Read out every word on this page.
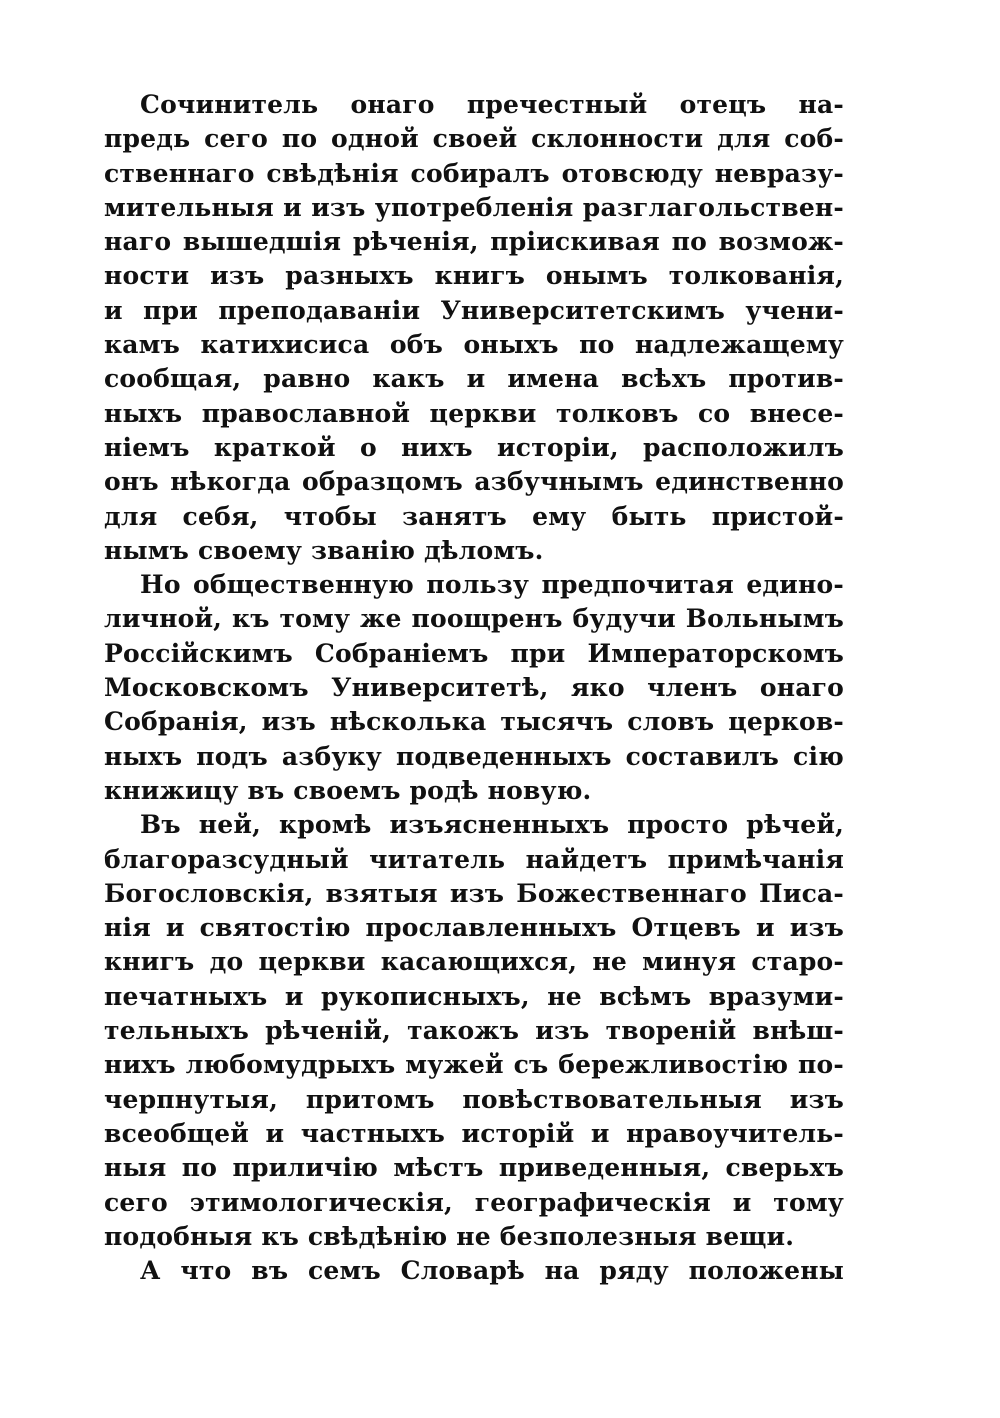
Сочинитель онаго пречестный отецъ на-
предь сего по одной своей склонности для соб-
ственнаго свѣдѣнія собиралъ отовсюду невразу-
мительныя и изъ употребленія разглагольствен-
наго вышедшія рѣченія, пріискивая по возмож-
ности изъ разныхъ книгъ онымъ толкованія,
и при преподаваніи Университетскимъ учени-
камъ катихисиса объ оныхъ по надлежащему
сообщая, равно какъ и имена всѣхъ против-
ныхъ православной церкви толковъ со внесе-
ніемъ краткой о нихъ исторіи, расположилъ
онъ нѣкогда образцомъ азбучнымъ единственно
для себя, чтобы занятъ ему быть пристой-
нымъ своему званію дѣломъ.
Но общественную пользу предпочитая едино-
личной, къ тому же поощренъ будучи Вольнымъ
Россійскимъ Собраніемъ при Императорскомъ
Московскомъ Университетѣ, яко членъ онаго
Собранія, изъ нѣсколька тысячъ словъ церков-
ныхъ подъ азбуку подведенныхъ составилъ сію
книжицу въ своемъ родѣ новую.
Въ ней, кромѣ изъясненныхъ просто рѣчей,
благоразсудный читатель найдетъ примѣчанія
Богословскія, взятыя изъ Божественнаго Писа-
нія и святостію прославленныхъ Отцевъ и изъ
книгъ до церкви касающихся, не минуя старо-
печатныхъ и рукописныхъ, не всѣмъ вразуми-
тельныхъ рѣченій, такожъ изъ твореній внѣш-
нихъ любомудрыхъ мужей съ бережливостію по-
черпнутыя, притомъ повѣствовательныя изъ
всеобщей и частныхъ исторій и нравоучитель-
ныя по приличію мѣстъ приведенныя, сверьхъ
сего этимологическія, географическія и тому
подобныя къ свѣдѣнію не безполезныя вещи.
А что въ семъ Словарѣ на ряду положены
